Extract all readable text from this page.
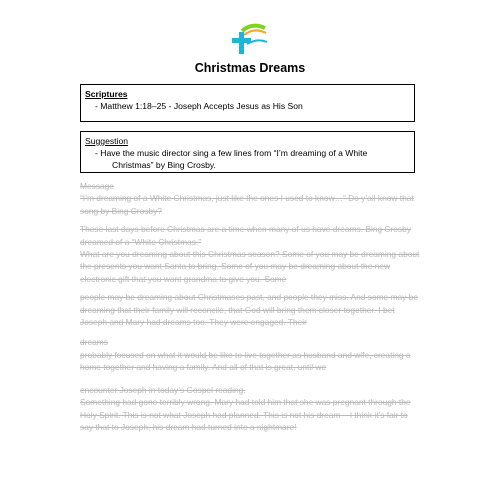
Christmas Dreams
Scriptures
- Matthew 1:18–25 - Joseph Accepts Jesus as His Son
Suggestion
- Have the music director sing a few lines from “I’m dreaming of a White
Christmas” by Bing Crosby.

Message

“I’m dreaming of a White Christmas, just like the ones I used to know…” Do y’all know that song by Bing Crosby?

These last days before Christmas are a time when many of us have dreams. Bing Crosby dreamed of a “White Christmas.”

What are you dreaming about this Christmas season? Some of you may be dreaming about the presents you want Santa to bring. Some of you may be dreaming about the new electronic gift that you want grandma to give you. Some

people may be dreaming about Christmases past, and people they miss. And some may be dreaming that their family will reconcile, that God will bring them closer together. I bet Joseph and Mary had dreams too. They were engaged. Their

dreams

probably focused on what it would be like to live together as husband and wife, creating a home together and having a family. And all of that is great, until we

encounter Joseph in today’s Gospel reading.

Something had gone terribly wrong. Mary had told him that she was pregnant through the Holy Spirit. This is not what Joseph had planned. This is not his dream – I think it’s fair to say that to Joseph, his dream had turned into a nightmare!
